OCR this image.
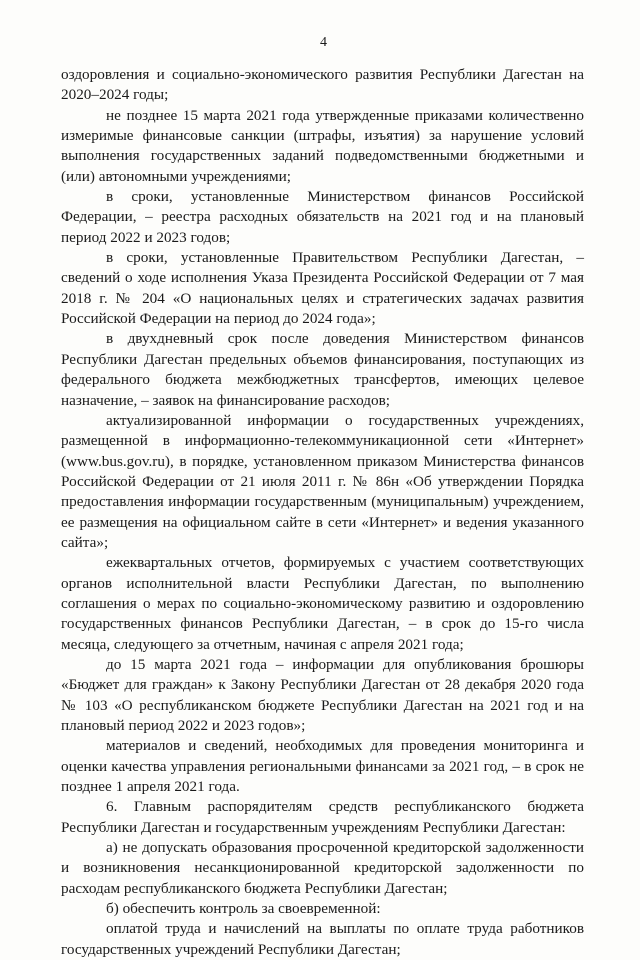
4

оздоровления и социально-экономического развития Республики Дагестан на 2020–2024 годы;

не позднее 15 марта 2021 года утвержденные приказами количественно измеримые финансовые санкции (штрафы, изъятия) за нарушение условий выполнения государственных заданий подведомственными бюджетными и (или) автономными учреждениями;

в сроки, установленные Министерством финансов Российской Федерации, – реестра расходных обязательств на 2021 год и на плановый период 2022 и 2023 годов;

в сроки, установленные Правительством Республики Дагестан, – сведений о ходе исполнения Указа Президента Российской Федерации от 7 мая 2018 г. № 204 «О национальных целях и стратегических задачах развития Российской Федерации на период до 2024 года»;

в двухдневный срок после доведения Министерством финансов Республики Дагестан предельных объемов финансирования, поступающих из федерального бюджета межбюджетных трансфертов, имеющих целевое назначение, – заявок на финансирование расходов;

актуализированной информации о государственных учреждениях, размещенной в информационно-телекоммуникационной сети «Интернет» (www.bus.gov.ru), в порядке, установленном приказом Министерства финансов Российской Федерации от 21 июля 2011 г. № 86н «Об утверждении Порядка предоставления информации государственным (муниципальным) учреждением, ее размещения на официальном сайте в сети «Интернет» и ведения указанного сайта»;

ежеквартальных отчетов, формируемых с участием соответствующих органов исполнительной власти Республики Дагестан, по выполнению соглашения о мерах по социально-экономическому развитию и оздоровлению государственных финансов Республики Дагестан, – в срок до 15-го числа месяца, следующего за отчетным, начиная с апреля 2021 года;

до 15 марта 2021 года – информации для опубликования брошюры «Бюджет для граждан» к Закону Республики Дагестан от 28 декабря 2020 года № 103 «О республиканском бюджете Республики Дагестан на 2021 год и на плановый период 2022 и 2023 годов»;

материалов и сведений, необходимых для проведения мониторинга и оценки качества управления региональными финансами за 2021 год, – в срок не позднее 1 апреля 2021 года.

6. Главным распорядителям средств республиканского бюджета Республики Дагестан и государственным учреждениям Республики Дагестан:

а) не допускать образования просроченной кредиторской задолженности и возникновения несанкционированной кредиторской задолженности по расходам республиканского бюджета Республики Дагестан;

б) обеспечить контроль за своевременной:

оплатой труда и начислений на выплаты по оплате труда работников государственных учреждений Республики Дагестан;
